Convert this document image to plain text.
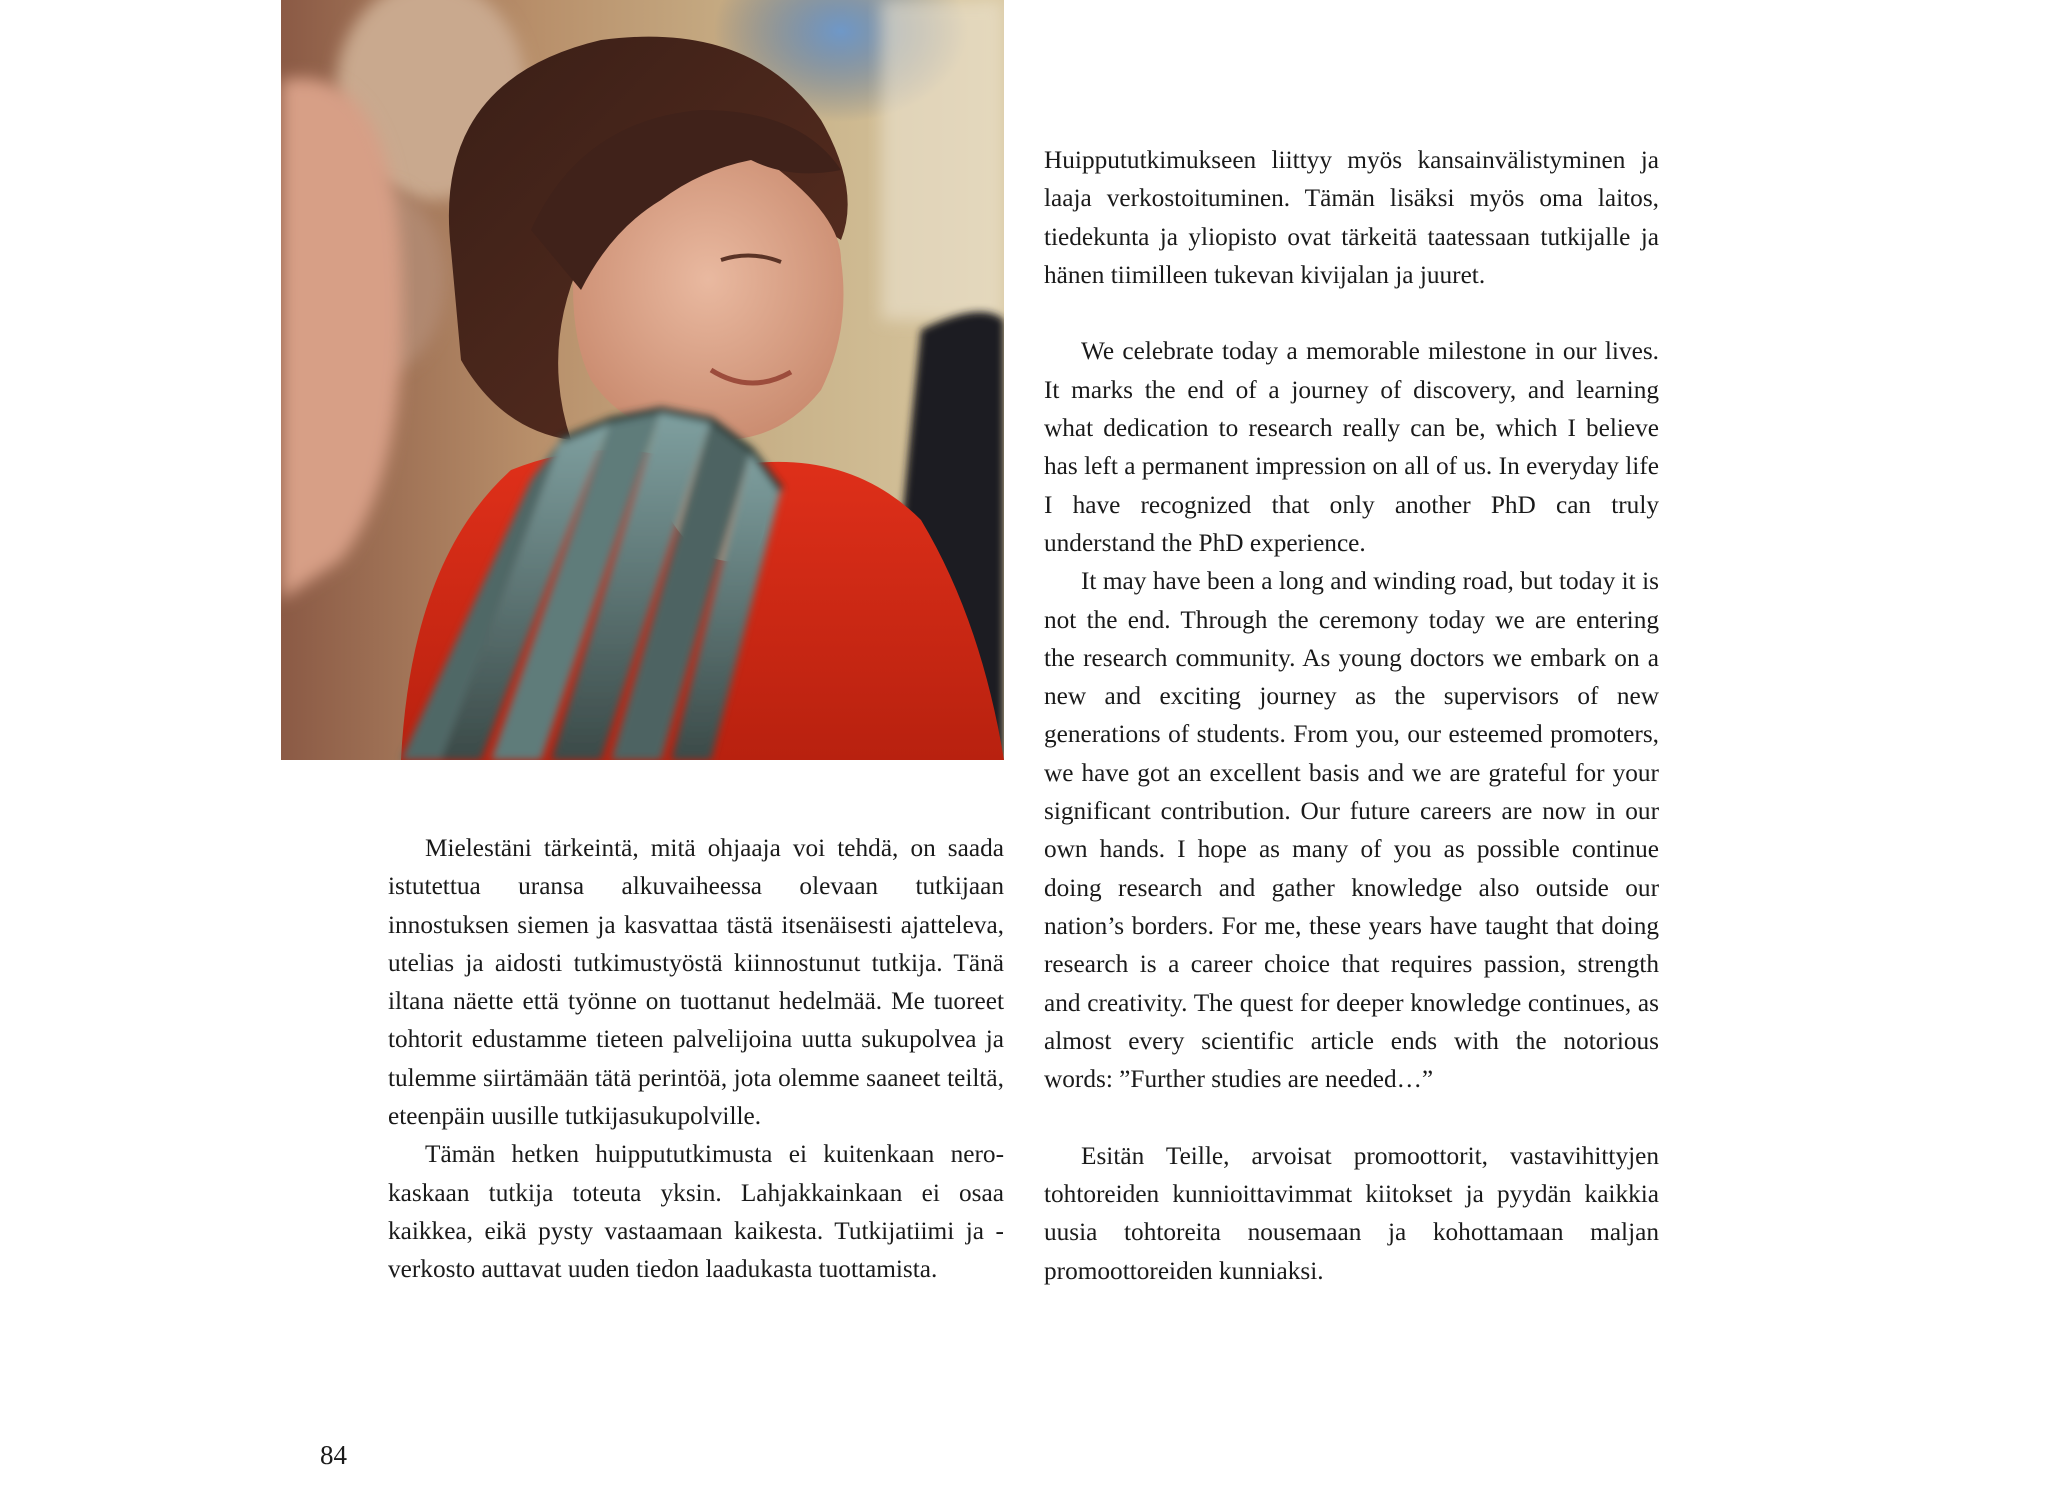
Mielestäni tärkeintä, mitä ohjaaja voi tehdä, on saada istutettua uransa alkuvaiheessa olevaan tutkijaan innostuksen siemen ja kasvattaa tästä itsenäisesti ajatteleva, utelias ja aidosti tutkimustyöstä kiinnostunut tutkija. Tänä iltana näette että työnne on tuottanut hedelmää. Me tuoreet tohtorit edustamme tieteen palvelijoina uutta sukupolvea ja tulemme siirtämään tätä perintöä, jota olemme saaneet teiltä, eteenpäin uusille tutkijasukupolville.

Tämän hetken huippututkimusta ei kuitenkaan nerokaskaan tutkija toteuta yksin. Lahjakkainkaan ei osaa kaikkea, eikä pysty vastaamaan kaikesta. Tutkijatiimi ja -verkosto auttavat uuden tiedon laadukasta tuottamista.

Huippututkimukseen liittyy myös kansainvälistyminen ja laaja verkostoituminen. Tämän lisäksi myös oma laitos, tiedekunta ja yliopisto ovat tärkeitä taatessaan tutkijalle ja hänen tiimilleen tukevan kivijalan ja juuret.

We celebrate today a memorable milestone in our lives. It marks the end of a journey of discovery, and learning what dedication to research really can be, which I believe has left a permanent impression on all of us. In everyday life I have recognized that only another PhD can truly understand the PhD experience.

It may have been a long and winding road, but today it is not the end. Through the ceremony today we are entering the research community. As young doctors we embark on a new and exciting journey as the supervisors of new generations of students. From you, our esteemed promoters, we have got an excellent basis and we are grateful for your significant contribution. Our future careers are now in our own hands. I hope as many of you as possible continue doing research and gather knowledge also outside our nation’s borders. For me, these years have taught that doing research is a career choice that requires passion, strength and creativity. The quest for deeper knowledge continues, as almost every scientific article ends with the notorious words: ”Further studies are needed…”

Esitän Teille, arvoisat promoottorit, vastavihittyjen tohtoreiden kunnioittavimmat kiitokset ja pyydän kaikkia uusia tohtoreita nousemaan ja kohottamaan maljan promoottoreiden kunniaksi.

84
